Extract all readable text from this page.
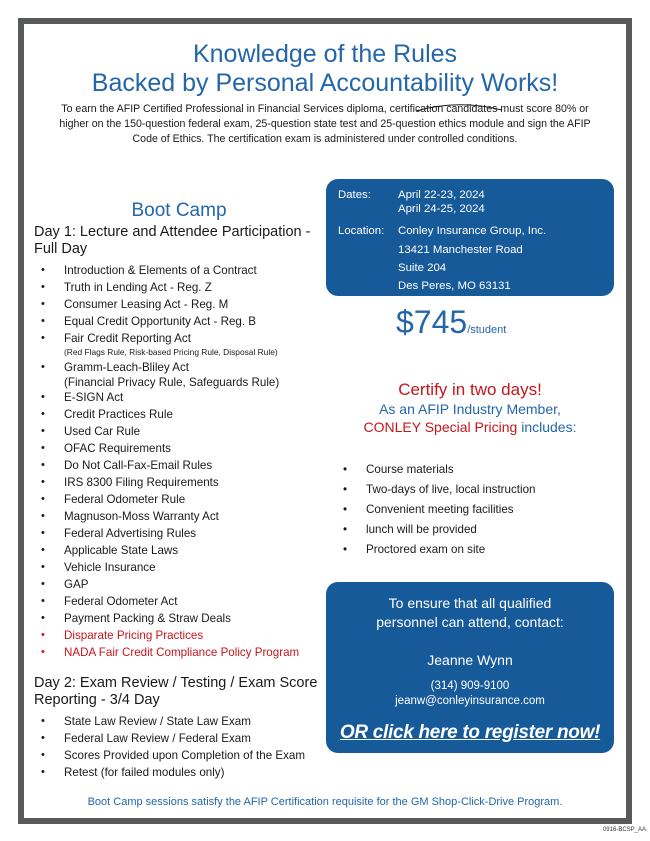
Knowledge of the Rules
Backed by Personal Accountability Works!
To earn the AFIP Certified Professional in Financial Services diploma, certification candidates must score 80% or higher on the 150-question federal exam, 25-question state test and 25-question ethics module and sign the AFIP Code of Ethics. The certification exam is administered under controlled conditions.
Boot Camp
Day 1: Lecture and Attendee Participation - Full Day
• Introduction & Elements of a Contract
• Truth in Lending Act - Reg. Z
• Consumer Leasing Act - Reg. M
• Equal Credit Opportunity Act - Reg. B
• Fair Credit Reporting Act
(Red Flags Rule, Risk-based Pricing Rule, Disposal Rule)
• Gramm-Leach-Bliley Act
(Financial Privacy Rule, Safeguards Rule)
• E-SIGN Act
• Credit Practices Rule
• Used Car Rule
• OFAC Requirements
• Do Not Call-Fax-Email Rules
• IRS 8300 Filing Requirements
• Federal Odometer Rule
• Magnuson-Moss Warranty Act
• Federal Advertising Rules
• Applicable State Laws
• Vehicle Insurance
• GAP
• Federal Odometer Act
• Payment Packing & Straw Deals
• Disparate Pricing Practices
• NADA Fair Credit Compliance Policy Program
Day 2: Exam Review / Testing / Exam Score Reporting - 3/4 Day
• State Law Review / State Law Exam
• Federal Law Review / Federal Exam
• Scores Provided upon Completion of the Exam
• Retest (for failed modules only)
Dates: April 22-23, 2024
April 24-25, 2024
Location: Conley Insurance Group, Inc.
13421 Manchester Road
Suite 204
Des Peres, MO 63131
$745/student
Certify in two days!
As an AFIP Industry Member,
CONLEY Special Pricing includes:
• Course materials
• Two-days of live, local instruction
• Convenient meeting facilities
• lunch will be provided
• Proctored exam on site
To ensure that all qualified
personnel can attend, contact:
Jeanne Wynn
(314) 909-9100
jeanw@conleyinsurance.com
OR click here to register now!
Boot Camp sessions satisfy the AFIP Certification requisite for the GM Shop-Click-Drive Program.
0916-BCSP_AA
